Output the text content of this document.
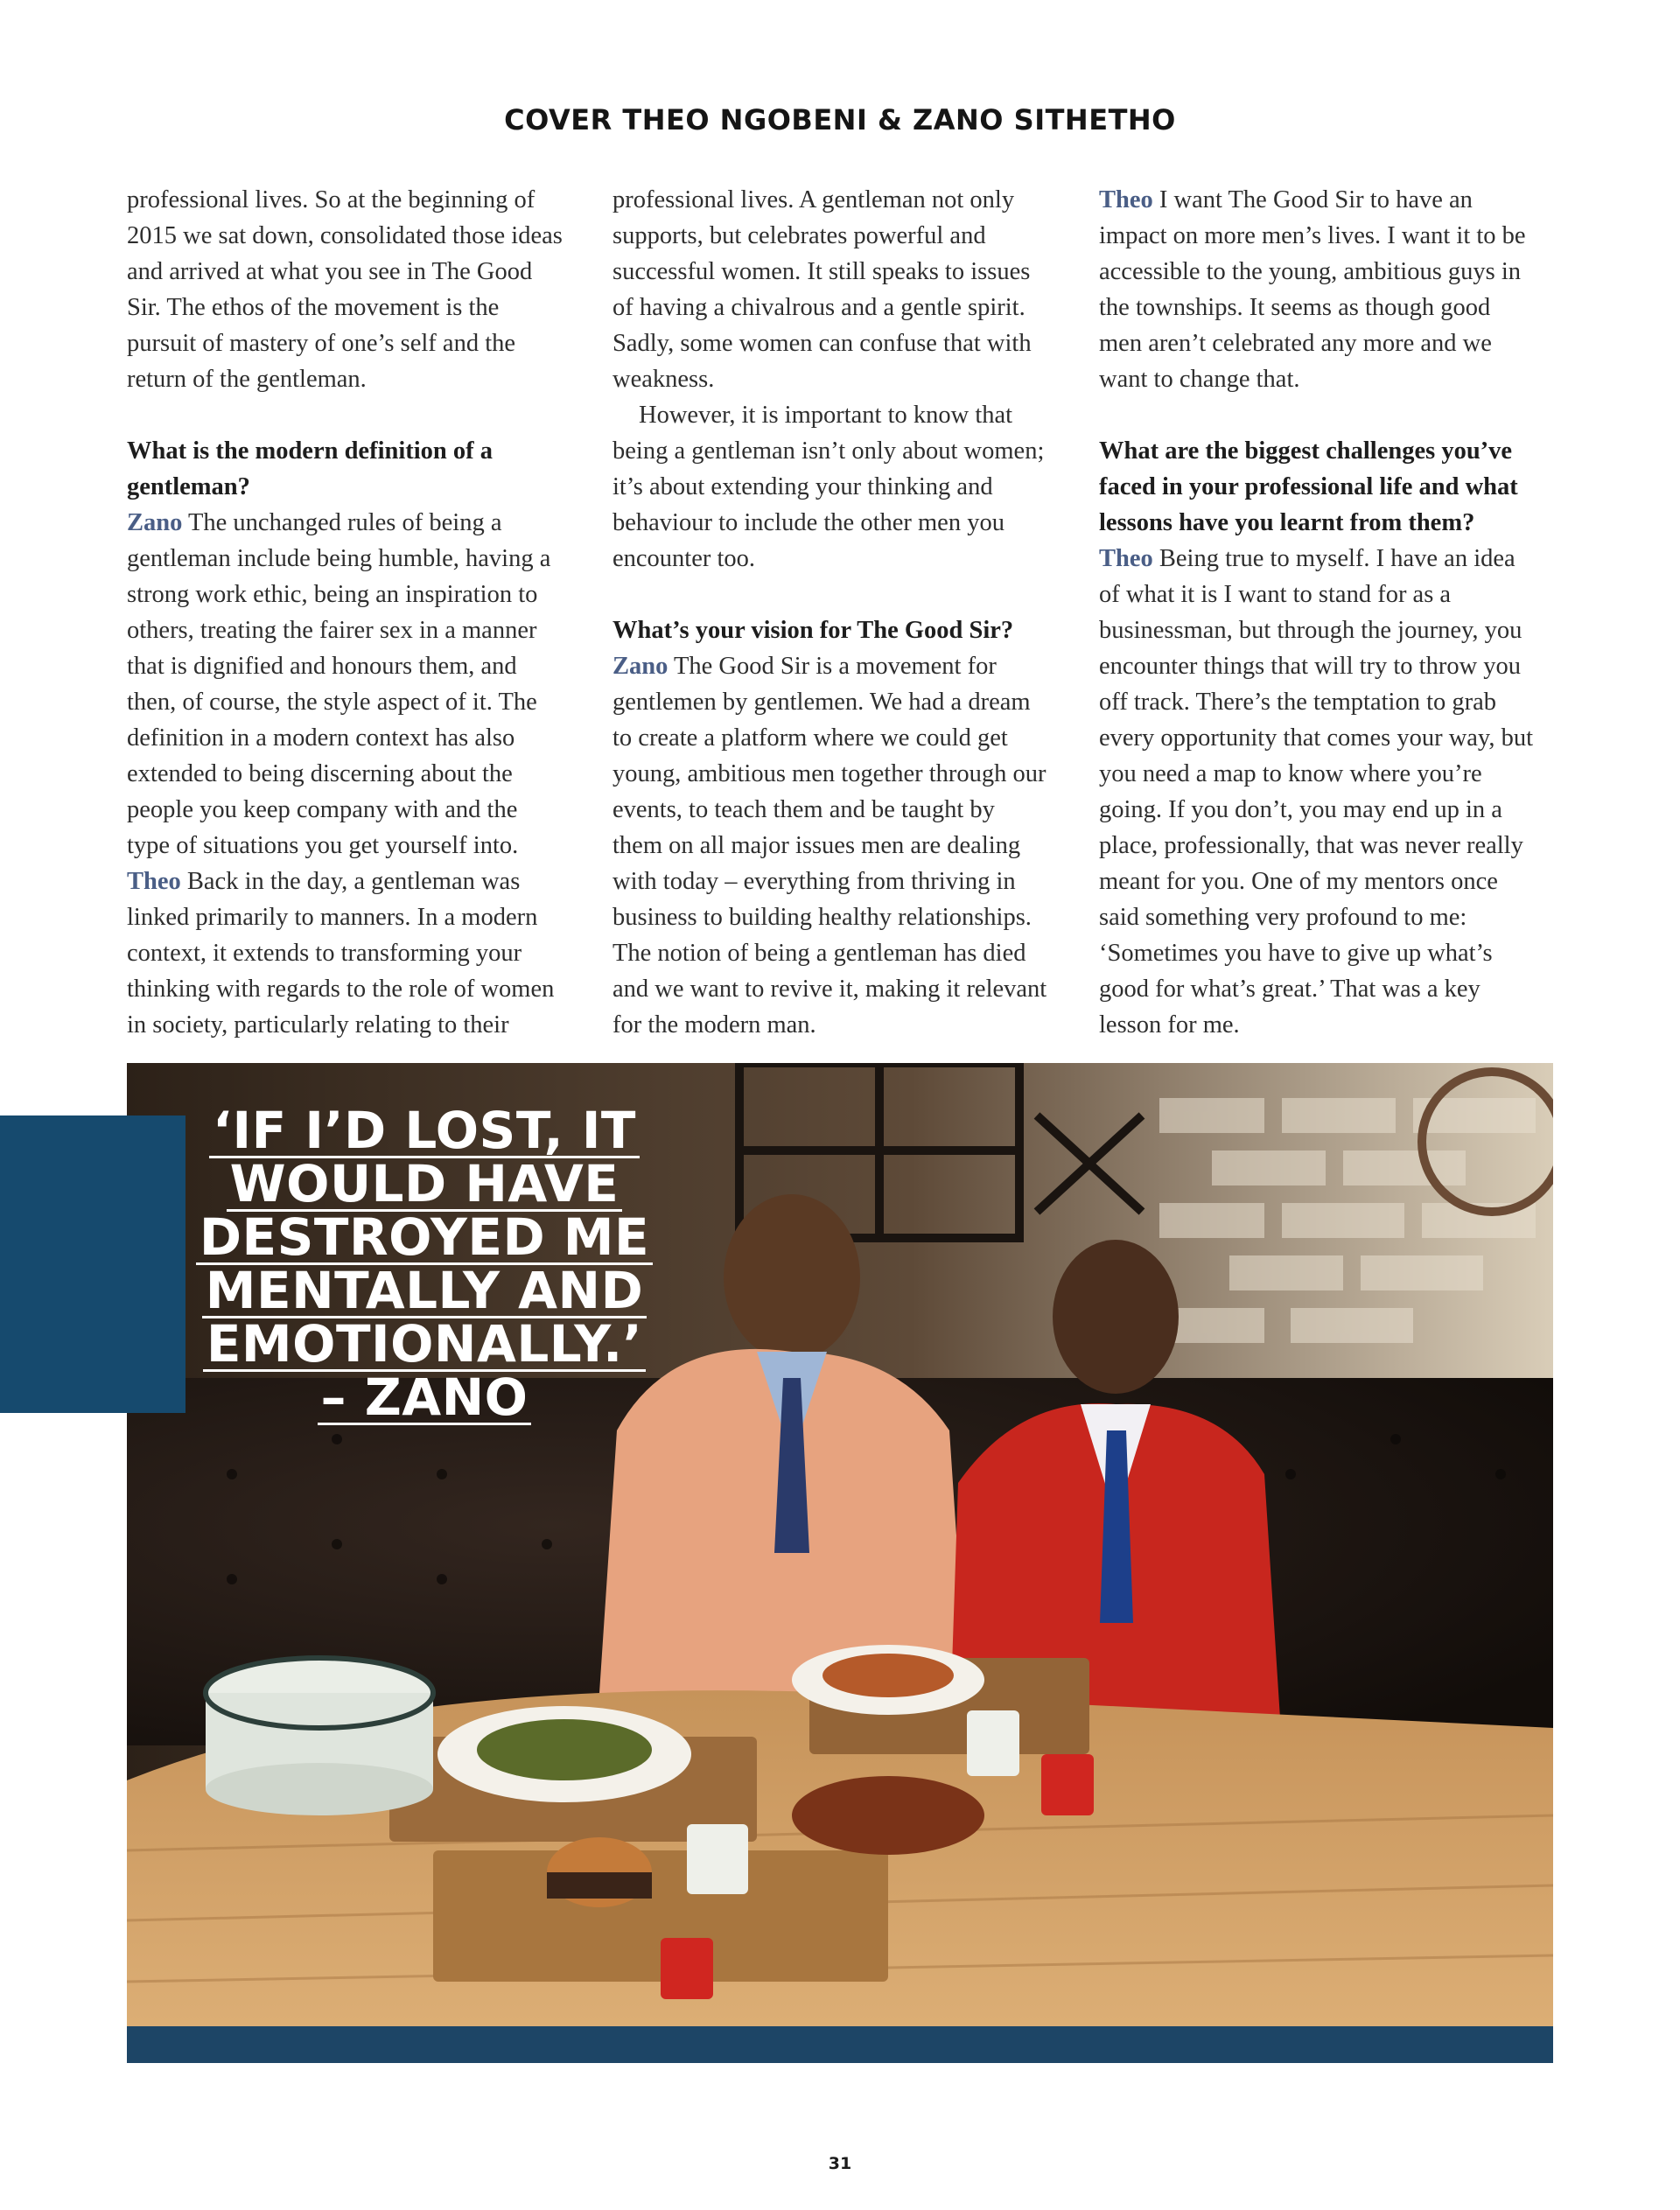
COVER THEO NGOBENI & ZANO SITHETHO

professional lives. So at the beginning of 2015 we sat down, consolidated those ideas and arrived at what you see in The Good Sir. The ethos of the movement is the pursuit of mastery of one’s self and the return of the gentleman.

What is the modern definition of a gentleman?

Zano The unchanged rules of being a gentleman include being humble, having a strong work ethic, being an inspiration to others, treating the fairer sex in a manner that is dignified and honours them, and then, of course, the style aspect of it. The definition in a modern context has also extended to being discerning about the people you keep company with and the type of situations you get yourself into.

Theo Back in the day, a gentleman was linked primarily to manners. In a modern context, it extends to transforming your thinking with regards to the role of women in society, particularly relating to their

professional lives. A gentleman not only supports, but celebrates powerful and successful women. It still speaks to issues of having a chivalrous and a gentle spirit. Sadly, some women can confuse that with weakness.

However, it is important to know that being a gentleman isn’t only about women; it’s about extending your thinking and behaviour to include the other men you encounter too.

What’s your vision for The Good Sir?

Zano The Good Sir is a movement for gentlemen by gentlemen. We had a dream to create a platform where we could get young, ambitious men together through our events, to teach them and be taught by them on all major issues men are dealing with today – everything from thriving in business to building healthy relationships. The notion of being a gentleman has died and we want to revive it, making it relevant for the modern man.

Theo I want The Good Sir to have an impact on more men’s lives. I want it to be accessible to the young, ambitious guys in the townships. It seems as though good men aren’t celebrated any more and we want to change that.

What are the biggest challenges you’ve faced in your professional life and what lessons have you learnt from them?

Theo Being true to myself. I have an idea of what it is I want to stand for as a businessman, but through the journey, you encounter things that will try to throw you off track. There’s the temptation to grab every opportunity that comes your way, but you need a map to know where you’re going. If you don’t, you may end up in a place, professionally, that was never really meant for you. One of my mentors once said something very profound to me: ‘Sometimes you have to give up what’s good for what’s great.’ That was a key lesson for me.

‘IF I’D LOST, IT
WOULD HAVE
DESTROYED ME
MENTALLY AND
EMOTIONALLY.’
– ZANO
31
